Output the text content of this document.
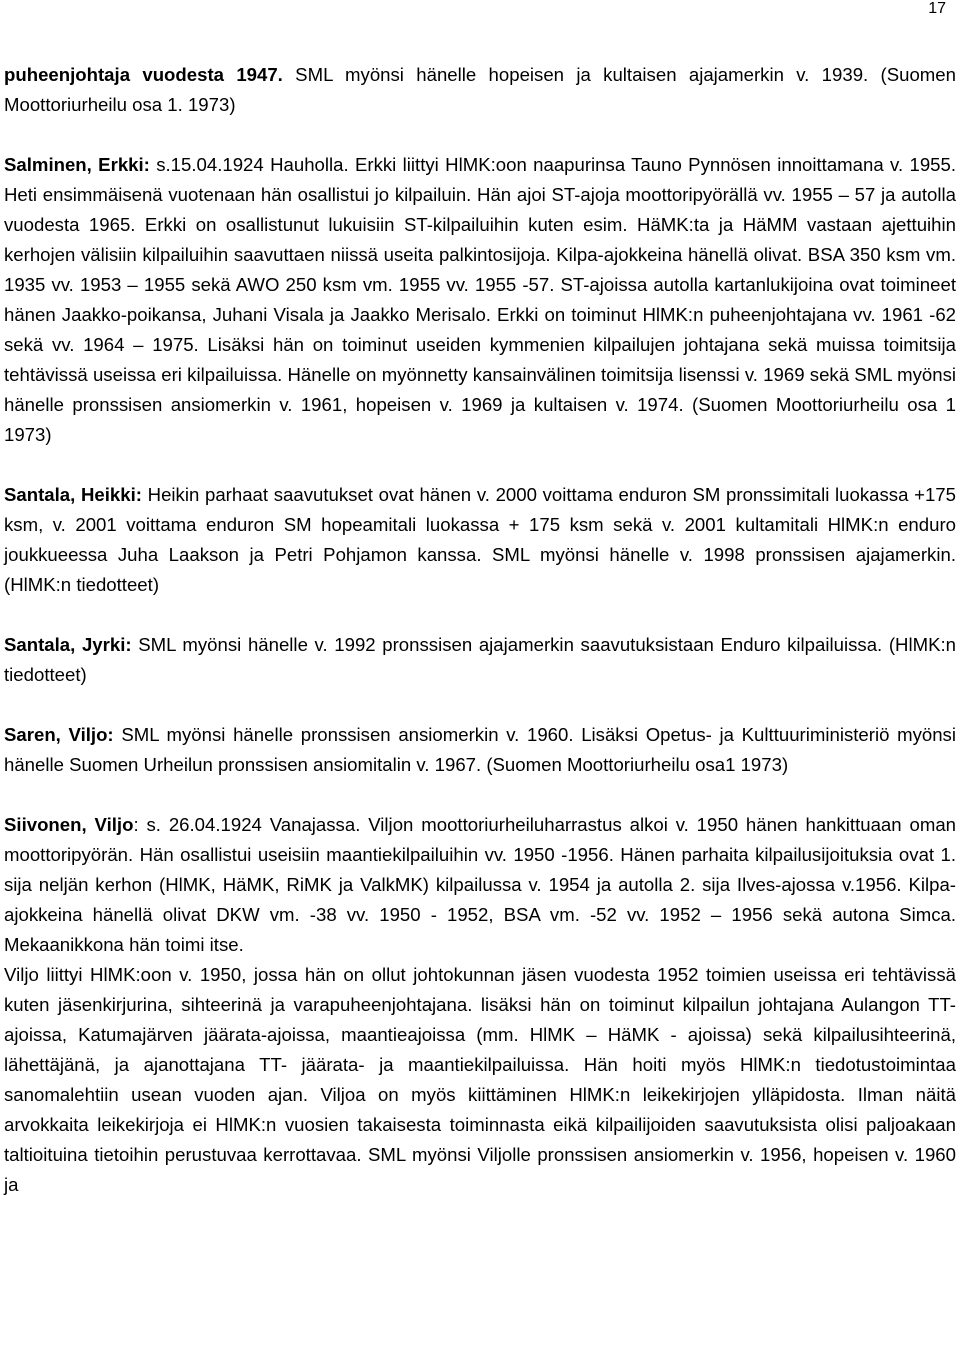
17

puheenjohtaja vuodesta 1947. SML myönsi hänelle hopeisen ja kultaisen ajajamerkin v. 1939. (Suomen Moottoriurheilu osa 1. 1973)

Salminen, Erkki: s.15.04.1924 Hauholla. Erkki liittyi HlMK:oon naapurinsa Tauno Pynnösen innoittamana v. 1955. Heti ensimmäisenä vuotenaan hän osallistui jo kilpailuin. Hän ajoi ST-ajoja moottoripyörällä vv. 1955 – 57 ja autolla vuodesta 1965. Erkki on osallistunut lukuisiin ST-kilpailuihin kuten esim. HäMK:ta ja HäMM vastaan ajettuihin kerhojen välisiin kilpailuihin saavuttaen niissä useita palkintosijoja. Kilpa-ajokkeina hänellä olivat. BSA 350 ksm vm. 1935 vv. 1953 – 1955 sekä AWO 250 ksm vm. 1955 vv. 1955 -57. ST-ajoissa autolla kartanlukijoina ovat toimineet hänen Jaakko-poikansa, Juhani Visala ja Jaakko Merisalo. Erkki on toiminut HlMK:n puheenjohtajana vv. 1961 -62 sekä vv. 1964 – 1975. Lisäksi hän on toiminut useiden kymmenien kilpailujen johtajana sekä muissa toimitsija tehtävissä useissa eri kilpailuissa. Hänelle on myönnetty kansainvälinen toimitsija lisenssi v. 1969 sekä SML myönsi hänelle pronssisen ansiomerkin v. 1961, hopeisen v. 1969 ja kultaisen v. 1974. (Suomen Moottoriurheilu osa 1 1973)

Santala, Heikki: Heikin parhaat saavutukset ovat hänen v. 2000 voittama enduron SM pronssimitali luokassa +175 ksm, v. 2001 voittama enduron SM hopeamitali luokassa + 175 ksm sekä v. 2001 kultamitali HlMK:n enduro joukkueessa Juha Laakson ja Petri Pohjamon kanssa. SML myönsi hänelle v. 1998 pronssisen ajajamerkin. (HlMK:n tiedotteet)

Santala, Jyrki: SML myönsi hänelle v. 1992 pronssisen ajajamerkin saavutuksistaan Enduro kilpailuissa. (HlMK:n tiedotteet)

Saren, Viljo: SML myönsi hänelle pronssisen ansiomerkin v. 1960. Lisäksi Opetus- ja Kulttuuriministeriö myönsi hänelle Suomen Urheilun pronssisen ansiomitalin v. 1967. (Suomen Moottoriurheilu osa1 1973)

Siivonen, Viljo: s. 26.04.1924 Vanajassa. Viljon moottoriurheiluharrastus alkoi v. 1950 hänen hankittuaan oman moottoripyörän. Hän osallistui useisiin maantiekilpailuihin vv. 1950 -1956. Hänen parhaita kilpailusijoituksia ovat 1. sija neljän kerhon (HlMK, HäMK, RiMK ja ValkMK) kilpailussa v. 1954 ja autolla 2. sija Ilves-ajossa v.1956. Kilpa-ajokkeina hänellä olivat DKW vm. -38 vv. 1950 - 1952, BSA vm. -52 vv. 1952 – 1956 sekä autona Simca. Mekaanikkona hän toimi itse.

Viljo liittyi HlMK:oon v. 1950, jossa hän on ollut johtokunnan jäsen vuodesta 1952 toimien useissa eri tehtävissä kuten jäsenkirjurina, sihteerinä ja varapuheenjohtajana. lisäksi hän on toiminut kilpailun johtajana Aulangon TT-ajoissa, Katumajärven jäärata-ajoissa, maantieajoissa (mm. HlMK – HäMK - ajoissa) sekä kilpailusihteerinä, lähettäjänä, ja ajanottajana TT- jäärata- ja maantiekilpailuissa. Hän hoiti myös HlMK:n tiedotustoimintaa sanomalehtiin usean vuoden ajan. Viljoa on myös kiittäminen HlMK:n leikekirjojen ylläpidosta. Ilman näitä arvokkaita leikekirjoja ei HlMK:n vuosien takaisesta toiminnasta eikä kilpailijoiden saavutuksista olisi paljoakaan taltioituina tietoihin perustuvaa kerrottavaa. SML myönsi Viljolle pronssisen ansiomerkin v. 1956, hopeisen v. 1960 ja
